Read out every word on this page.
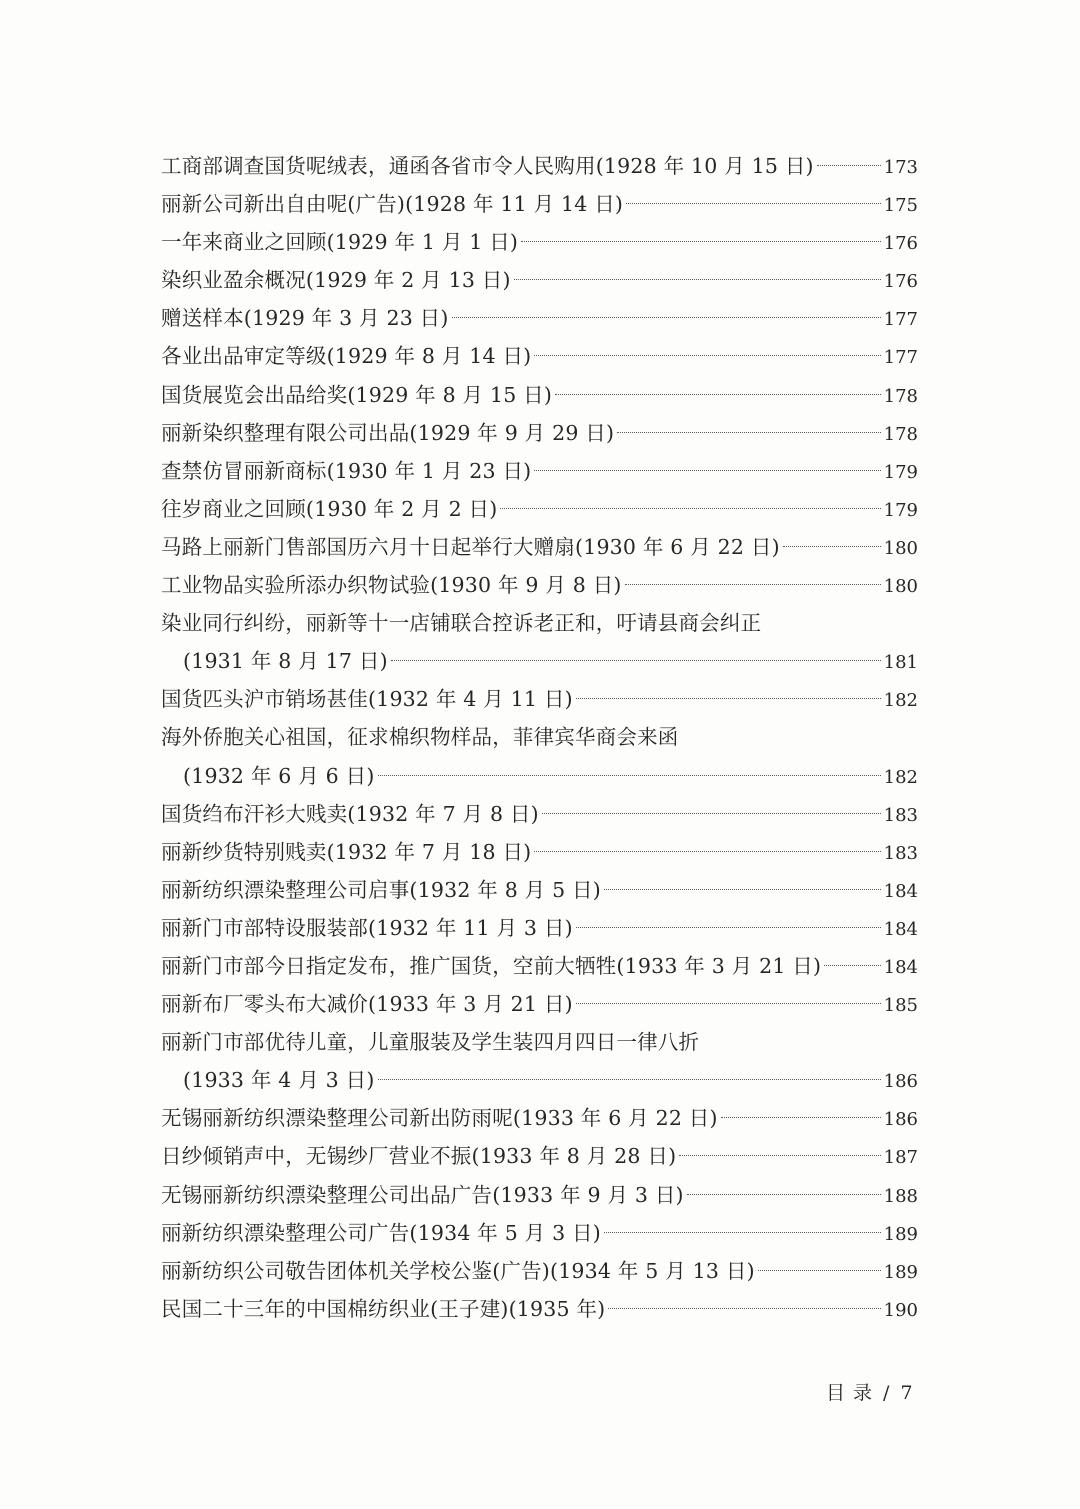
工商部调查国货呢绒表，通函各省市令人民购用(1928 年 10 月 15 日)	173
丽新公司新出自由呢(广告)(1928 年 11 月 14 日)	175
一年来商业之回顾(1929 年 1 月 1 日)	176
染织业盈余概况(1929 年 2 月 13 日)	176
赠送样本(1929 年 3 月 23 日)	177
各业出品审定等级(1929 年 8 月 14 日)	177
国货展览会出品给奖(1929 年 8 月 15 日)	178
丽新染织整理有限公司出品(1929 年 9 月 29 日)	178
查禁仿冒丽新商标(1930 年 1 月 23 日)	179
往岁商业之回顾(1930 年 2 月 2 日)	179
马路上丽新门售部国历六月十日起举行大赠扇(1930 年 6 月 22 日)	180
工业物品实验所添办织物试验(1930 年 9 月 8 日)	180
染业同行纠纷，丽新等十一店铺联合控诉老正和，吁请县商会纠正
(1931 年 8 月 17 日)	181
国货匹头沪市销场甚佳(1932 年 4 月 11 日)	182
海外侨胞关心祖国，征求棉织物样品，菲律宾华商会来函
(1932 年 6 月 6 日)	182
国货绉布汗衫大贱卖(1932 年 7 月 8 日)	183
丽新纱货特别贱卖(1932 年 7 月 18 日)	183
丽新纺织漂染整理公司启事(1932 年 8 月 5 日)	184
丽新门市部特设服装部(1932 年 11 月 3 日)	184
丽新门市部今日指定发布，推广国货，空前大牺牲(1933 年 3 月 21 日)	184
丽新布厂零头布大减价(1933 年 3 月 21 日)	185
丽新门市部优待儿童，儿童服装及学生装四月四日一律八折
(1933 年 4 月 3 日)	186
无锡丽新纺织漂染整理公司新出防雨呢(1933 年 6 月 22 日)	186
日纱倾销声中，无锡纱厂营业不振(1933 年 8 月 28 日)	187
无锡丽新纺织漂染整理公司出品广告(1933 年 9 月 3 日)	188
丽新纺织漂染整理公司广告(1934 年 5 月 3 日)	189
丽新纺织公司敬告团体机关学校公鉴(广告)(1934 年 5 月 13 日)	189
民国二十三年的中国棉纺织业(王子建)(1935 年)	190
目 录 / 7
